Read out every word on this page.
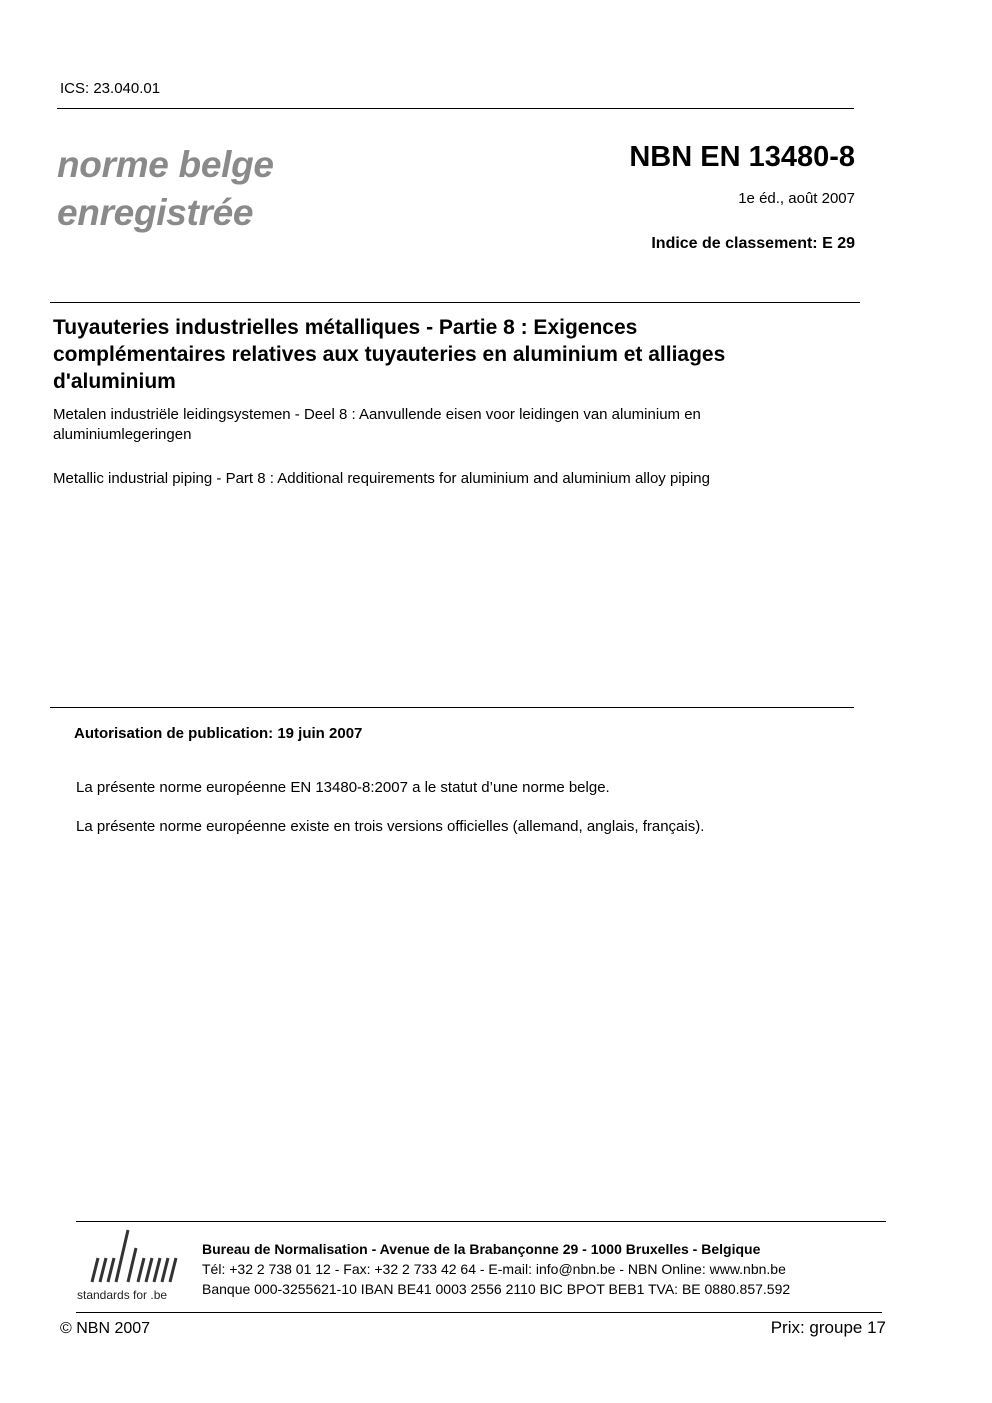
ICS: 23.040.01
norme belge
enregistrée
NBN EN 13480-8
1e éd., août 2007
Indice de classement: E 29
Tuyauteries industrielles métalliques - Partie 8 : Exigences
complémentaires relatives aux tuyauteries en aluminium et alliages
d'aluminium
Metalen industriële leidingsystemen - Deel 8 : Aanvullende eisen voor leidingen van aluminium en
aluminiumlegeringen
Metallic industrial piping - Part 8 : Additional requirements for aluminium and aluminium alloy piping
Autorisation de publication: 19 juin 2007
La présente norme européenne EN 13480-8:2007 a le statut d’une norme belge.
La présente norme européenne existe en trois versions officielles (allemand, anglais, français).
standards for .be
Bureau de Normalisation - Avenue de la Brabançonne 29 - 1000 Bruxelles - Belgique
Tél: +32 2 738 01 12 - Fax: +32 2 733 42 64 - E-mail: info@nbn.be - NBN Online: www.nbn.be
Banque 000-3255621-10 IBAN BE41 0003 2556 2110 BIC BPOT BEB1 TVA: BE 0880.857.592
© NBN 2007	Prix: groupe 17
